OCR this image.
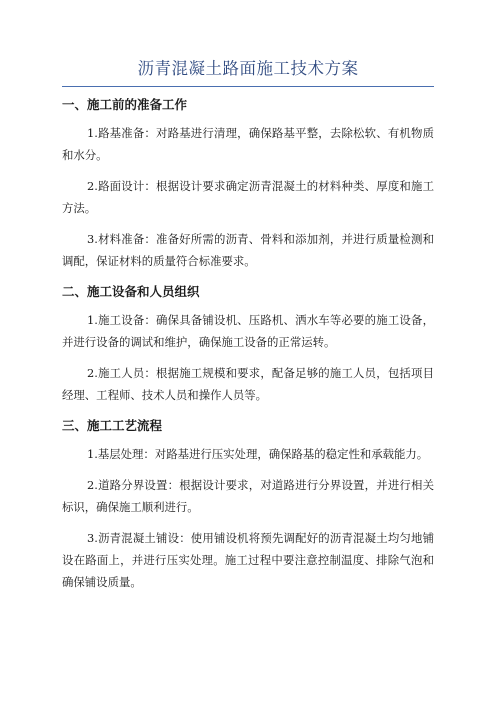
沥青混凝土路面施工技术方案
一、施工前的准备工作

1.路基准备：对路基进行清理，确保路基平整，去除松软、有机物质和水分。

2.路面设计：根据设计要求确定沥青混凝土的材料种类、厚度和施工方法。

3.材料准备：准备好所需的沥青、骨料和添加剂，并进行质量检测和调配，保证材料的质量符合标准要求。

二、施工设备和人员组织

1.施工设备：确保具备铺设机、压路机、洒水车等必要的施工设备，并进行设备的调试和维护，确保施工设备的正常运转。

2.施工人员：根据施工规模和要求，配备足够的施工人员，包括项目经理、工程师、技术人员和操作人员等。

三、施工工艺流程

1.基层处理：对路基进行压实处理，确保路基的稳定性和承载能力。

2.道路分界设置：根据设计要求，对道路进行分界设置，并进行相关标识，确保施工顺利进行。

3.沥青混凝土铺设：使用铺设机将预先调配好的沥青混凝土均匀地铺设在路面上，并进行压实处理。施工过程中要注意控制温度、排除气泡和确保铺设质量。
